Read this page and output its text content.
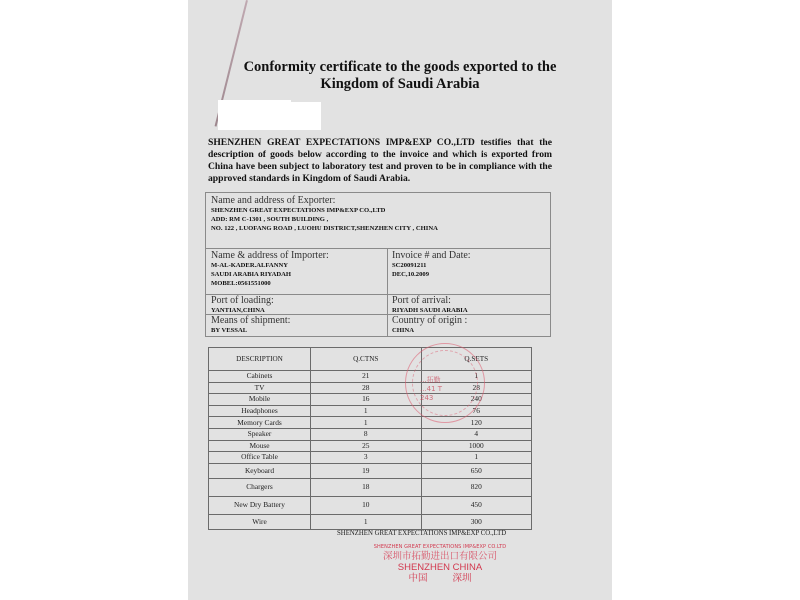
Conformity certificate to the goods exported to the
Kingdom of Saudi Arabia
SHENZHEN GREAT EXPECTATIONS IMP&EXP CO.,LTD testifies that the description of goods below according to the invoice and which is exported from China have been subject to laboratory test and proven to be in compliance with the approved standards in Kingdom of Saudi Arabia.
Name and address of Exporter:
SHENZHEN GREAT EXPECTATIONS IMP&EXP CO.,LTD
ADD: RM C-1301 , SOUTH BUILDING ,
NO. 122 , LUOFANG ROAD , LUOHU DISTRICT,SHENZHEN CITY , CHINA
Name & address of Importer:
M-AL-KADER.ALFANNY
SAUDI ARABIA RIYADAH
MOBEL:0561551000
Invoice # and Date:
SC20091211
DEC,10.2009
Port of loading:
YANTIAN,CHINA
Port of arrival:
RIYADH SAUDI ARABIA
Means of shipment:
BY VESSAL
Country of origin :
CHINA
DESCRIPTION	Q.CTNS	Q.SETS
Cabinets	21	1
TV	28	28
Mobile	16	240
Headphones	1	76
Memory Cards	1	120
Speaker	8	4
Mouse	25	1000
Office Table	3	1
Keyboard	19	650
Chargers	18	820
New Dry Battery	10	450
Wire	1	300
...拓勤
...41 T
243
SHENZHEN GREAT EXPECTATIONS IMP&EXP CO.,LTD
SHENZHEN GREAT EXPECTATIONS IMP&EXP CO.LTD
深圳市拓勤进出口有限公司
SHENZHEN CHINA
中国 深圳
